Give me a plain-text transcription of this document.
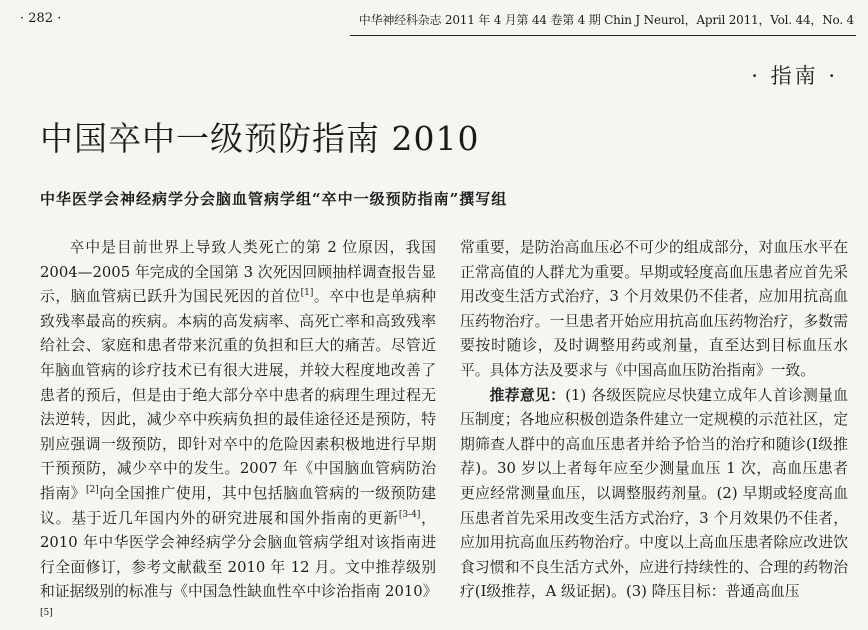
· 282 ·	中华神经科杂志 2011 年 4 月第 44 卷第 4 期 Chin J Neurol，April 2011，Vol. 44，No. 4
· 指南 ·
中国卒中一级预防指南 2010
中华医学会神经病学分会脑血管病学组“卒中一级预防指南”撰写组

卒中是目前世界上导致人类死亡的第 2 位原因，我国 2004—2005 年完成的全国第 3 次死因回顾抽样调查报告显示，脑血管病已跃升为国民死因的首位[1]。卒中也是单病种致残率最高的疾病。本病的高发病率、高死亡率和高致残率给社会、家庭和患者带来沉重的负担和巨大的痛苦。尽管近年脑血管病的诊疗技术已有很大进展，并较大程度地改善了患者的预后，但是由于绝大部分卒中患者的病理生理过程无法逆转，因此，减少卒中疾病负担的最佳途径还是预防，特别应强调一级预防，即针对卒中的危险因素积极地进行早期干预预防，减少卒中的发生。2007 年《中国脑血管病防治指南》[2]向全国推广使用，其中包括脑血管病的一级预防建议。基于近几年国内外的研究进展和国外指南的更新[3-4]，2010 年中华医学会神经病学分会脑血管病学组对该指南进行全面修订，参考文献截至 2010 年 12 月。文中推荐级别和证据级别的标准与《中国急性缺血性卒中诊治指南 2010》[5]

常重要，是防治高血压必不可少的组成部分，对血压水平在正常高值的人群尤为重要。早期或轻度高血压患者应首先采用改变生活方式治疗，3 个月效果仍不佳者，应加用抗高血压药物治疗。一旦患者开始应用抗高血压药物治疗，多数需要按时随诊，及时调整用药或剂量，直至达到目标血压水平。具体方法及要求与《中国高血压防治指南》一致。

推荐意见：(1) 各级医院应尽快建立成年人首诊测量血压制度；各地应积极创造条件建立一定规模的示范社区，定期筛查人群中的高血压患者并给予恰当的治疗和随诊(Ⅰ级推荐)。30 岁以上者每年应至少测量血压 1 次，高血压患者更应经常测量血压，以调整服药剂量。(2) 早期或轻度高血压患者首先采用改变生活方式治疗，3 个月效果仍不佳者，应加用抗高血压药物治疗。中度以上高血压患者除应改进饮食习惯和不良生活方式外，应进行持续性的、合理的药物治疗(Ⅰ级推荐，A 级证据)。(3) 降压目标：普通高血压
